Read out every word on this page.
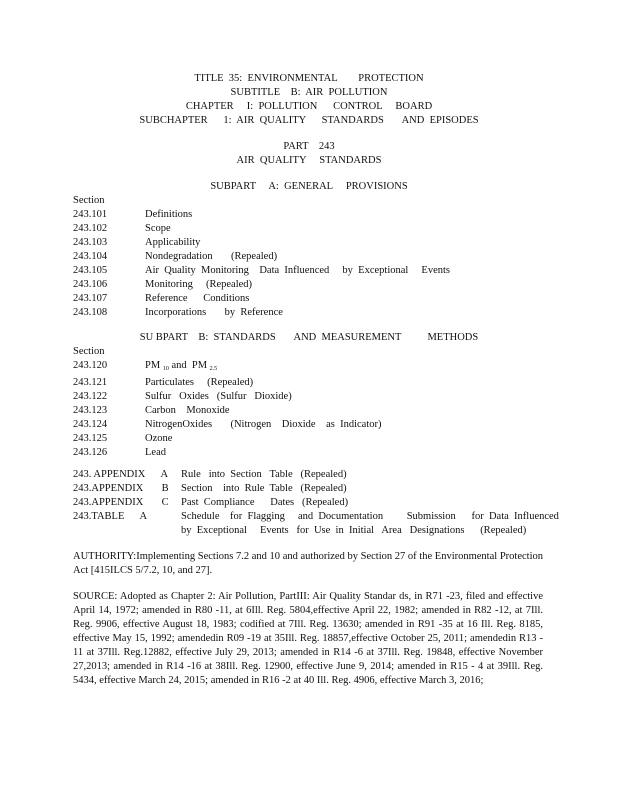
TITLE  35:  ENVIRONMENTAL        PROTECTION
SUBTITLE    B:  AIR  POLLUTION
CHAPTER     I:  POLLUTION      CONTROL     BOARD
SUBCHAPTER      1:  AIR  QUALITY      STANDARDS       AND  EPISODES
PART    243
AIR  QUALITY     STANDARDS
SUBPART     A:  GENERAL     PROVISIONS
Section
243.101	Definitions
243.102	Scope
243.103	Applicability
243.104	Nondegradation       (Repealed)
243.105	Air  Quality  Monitoring    Data  Influenced     by  Exceptional     Events
243.106	Monitoring     (Repealed)
243.107	Reference      Conditions
243.108	Incorporations       by  Reference
SU BPART    B:  STANDARDS       AND  MEASUREMENT          METHODS
Section
243.120	PM $_{10}$ and  PM $_{2.5}$
243.121	Particulates     (Repealed)
243.122	Sulfur   Oxides   (Sulfur   Dioxide)
243.123	Carbon    Monoxide
243.124	NitrogenOxides       (Nitrogen    Dioxide    as  Indicator)
243.125	Ozone
243.126	Lead
243. APPENDIX      A	Rule   into  Section   Table   (Repealed)
243.APPENDIX       B	Section    into  Rule  Table   (Repealed)
243.APPENDIX       C	Past  Compliance      Dates   (Repealed)
243.TABLE      A	Schedule    for  Flagging     and  Documentation         Submission      for  Data  Influenced
by  Exceptional     Events   for  Use  in  Initial   Area   Designations      (Repealed)
AUTHORITY:Implementing Sections 7.2 and 10 and authorized by Section 27 of the Environmental Protection Act [415ILCS 5/7.2, 10, and 27].
SOURCE: Adopted as Chapter 2: Air Pollution, PartIII: Air Quality Standar ds, in R71 -23, filed and effective April 14, 1972; amended in R80 -11, at 6Ill. Reg. 5804,effective April 22, 1982; amended in R82 -12, at 7Ill. Reg. 9906, effective August 18, 1983; codified at 7Ill. Reg. 13630; amended in R91 -35 at 16 Ill. Reg. 8185, effective May 15, 1992; amendedin R09 -19 at 35Ill. Reg. 18857,effective October 25, 2011; amendedin R13 - 11 at 37Ill. Reg.12882, effective July 29, 2013; amended in R14 -6 at 37Ill. Reg. 19848, effective November 27,2013; amended in R14 -16 at 38Ill. Reg. 12900, effective June 9, 2014; amended in R15 - 4 at 39Ill. Reg. 5434, effective March 24, 2015; amended in R16 -2 at 40 Ill. Reg. 4906, effective March 3, 2016;
